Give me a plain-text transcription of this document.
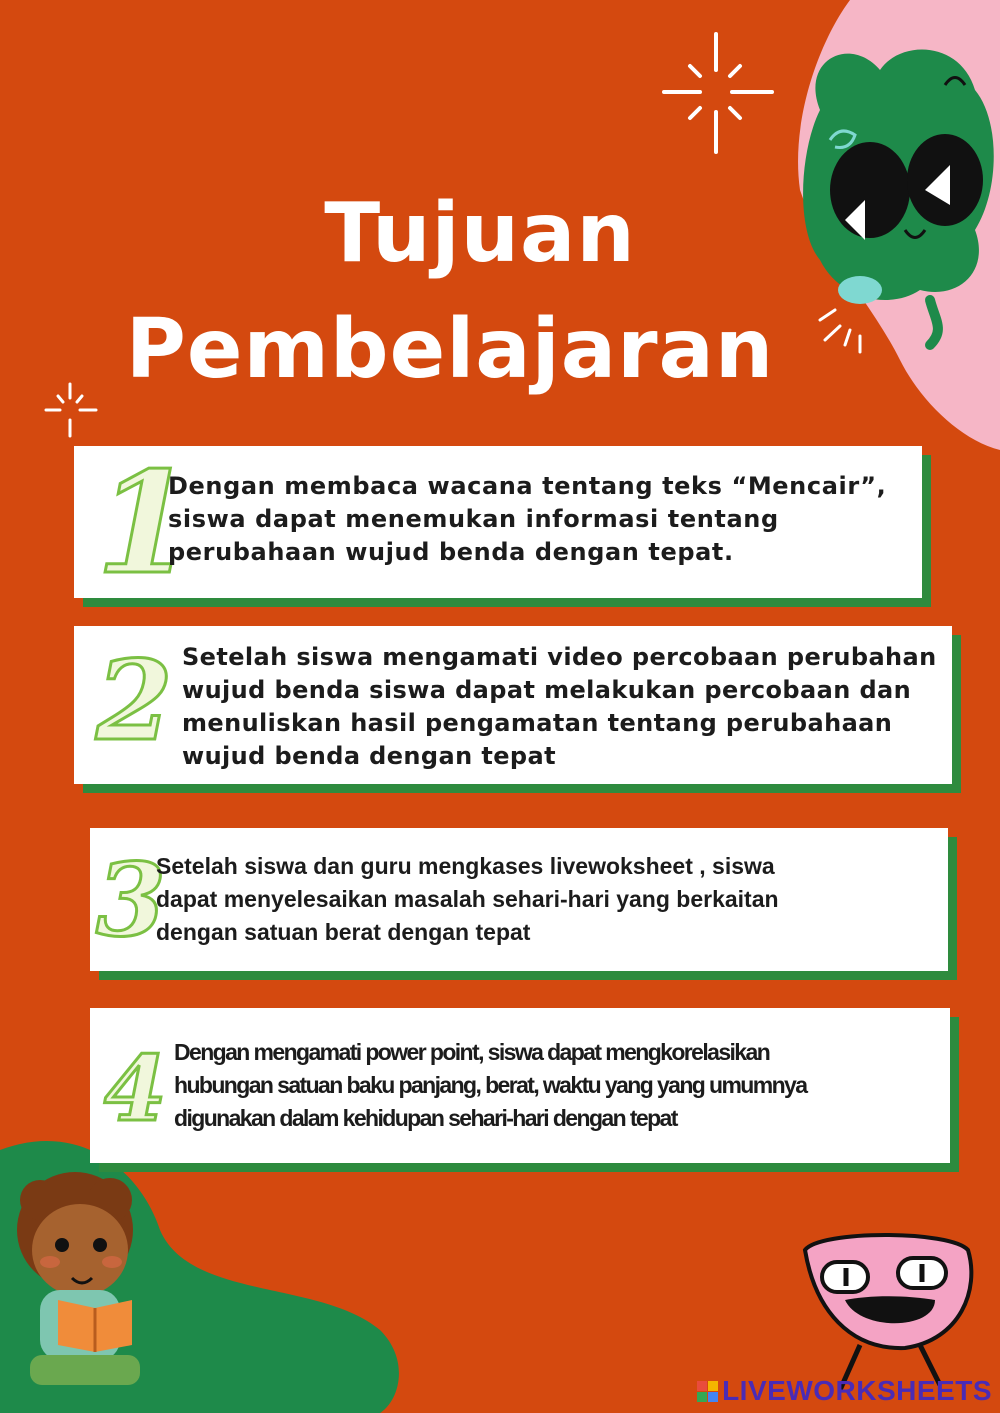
Tujuan
Pembelajaran
1
Dengan membaca wacana tentang teks “Mencair”,
siswa dapat menemukan informasi tentang
perubahaan wujud benda dengan tepat.
2 Setelah siswa mengamati video percobaan perubahan
wujud benda siswa dapat melakukan percobaan dan
menuliskan hasil pengamatan tentang perubahaan
wujud benda dengan tepat
3
Setelah siswa dan guru mengkases livewoksheet , siswa
dapat menyelesaikan masalah sehari-hari yang berkaitan
dengan satuan berat dengan tepat
4 Dengan mengamati power point, siswa dapat mengkorelasikan
hubungan satuan baku panjang, berat, waktu yang yang umumnya
digunakan dalam kehidupan sehari-hari dengan tepat
LIVEWORKSHEETS
